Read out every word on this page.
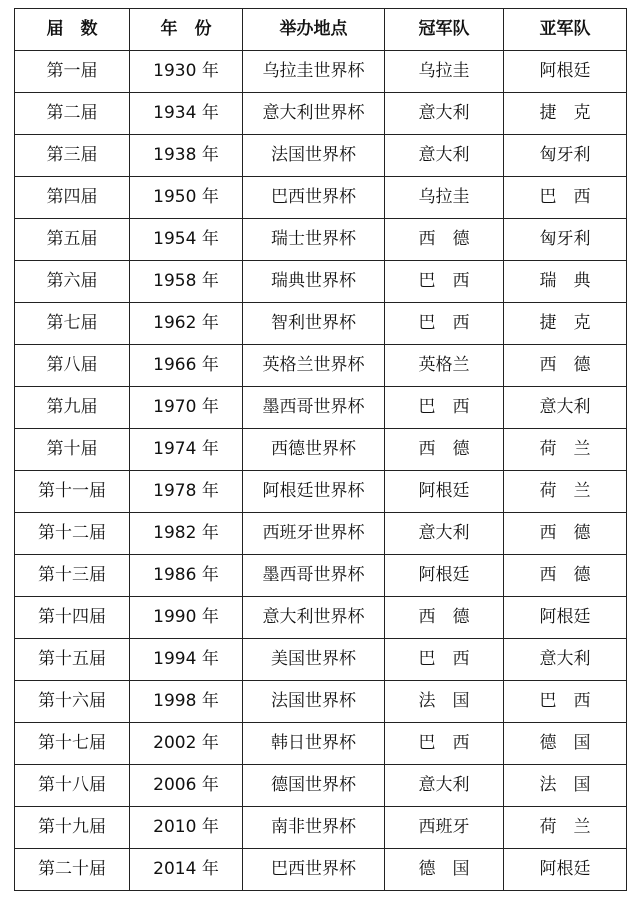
届　数	年　份	举办地点	冠军队	亚军队
第一届	1930 年	乌拉圭世界杯	乌拉圭	阿根廷
第二届	1934 年	意大利世界杯	意大利	捷　克
第三届	1938 年	法国世界杯	意大利	匈牙利
第四届	1950 年	巴西世界杯	乌拉圭	巴　西
第五届	1954 年	瑞士世界杯	西　德	匈牙利
第六届	1958 年	瑞典世界杯	巴　西	瑞　典
第七届	1962 年	智利世界杯	巴　西	捷　克
第八届	1966 年	英格兰世界杯	英格兰	西　德
第九届	1970 年	墨西哥世界杯	巴　西	意大利
第十届	1974 年	西德世界杯	西　德	荷　兰
第十一届	1978 年	阿根廷世界杯	阿根廷	荷　兰
第十二届	1982 年	西班牙世界杯	意大利	西　德
第十三届	1986 年	墨西哥世界杯	阿根廷	西　德
第十四届	1990 年	意大利世界杯	西　德	阿根廷
第十五届	1994 年	美国世界杯	巴　西	意大利
第十六届	1998 年	法国世界杯	法　国	巴　西
第十七届	2002 年	韩日世界杯	巴　西	德　国
第十八届	2006 年	德国世界杯	意大利	法　国
第十九届	2010 年	南非世界杯	西班牙	荷　兰
第二十届	2014 年	巴西世界杯	德　国	阿根廷
